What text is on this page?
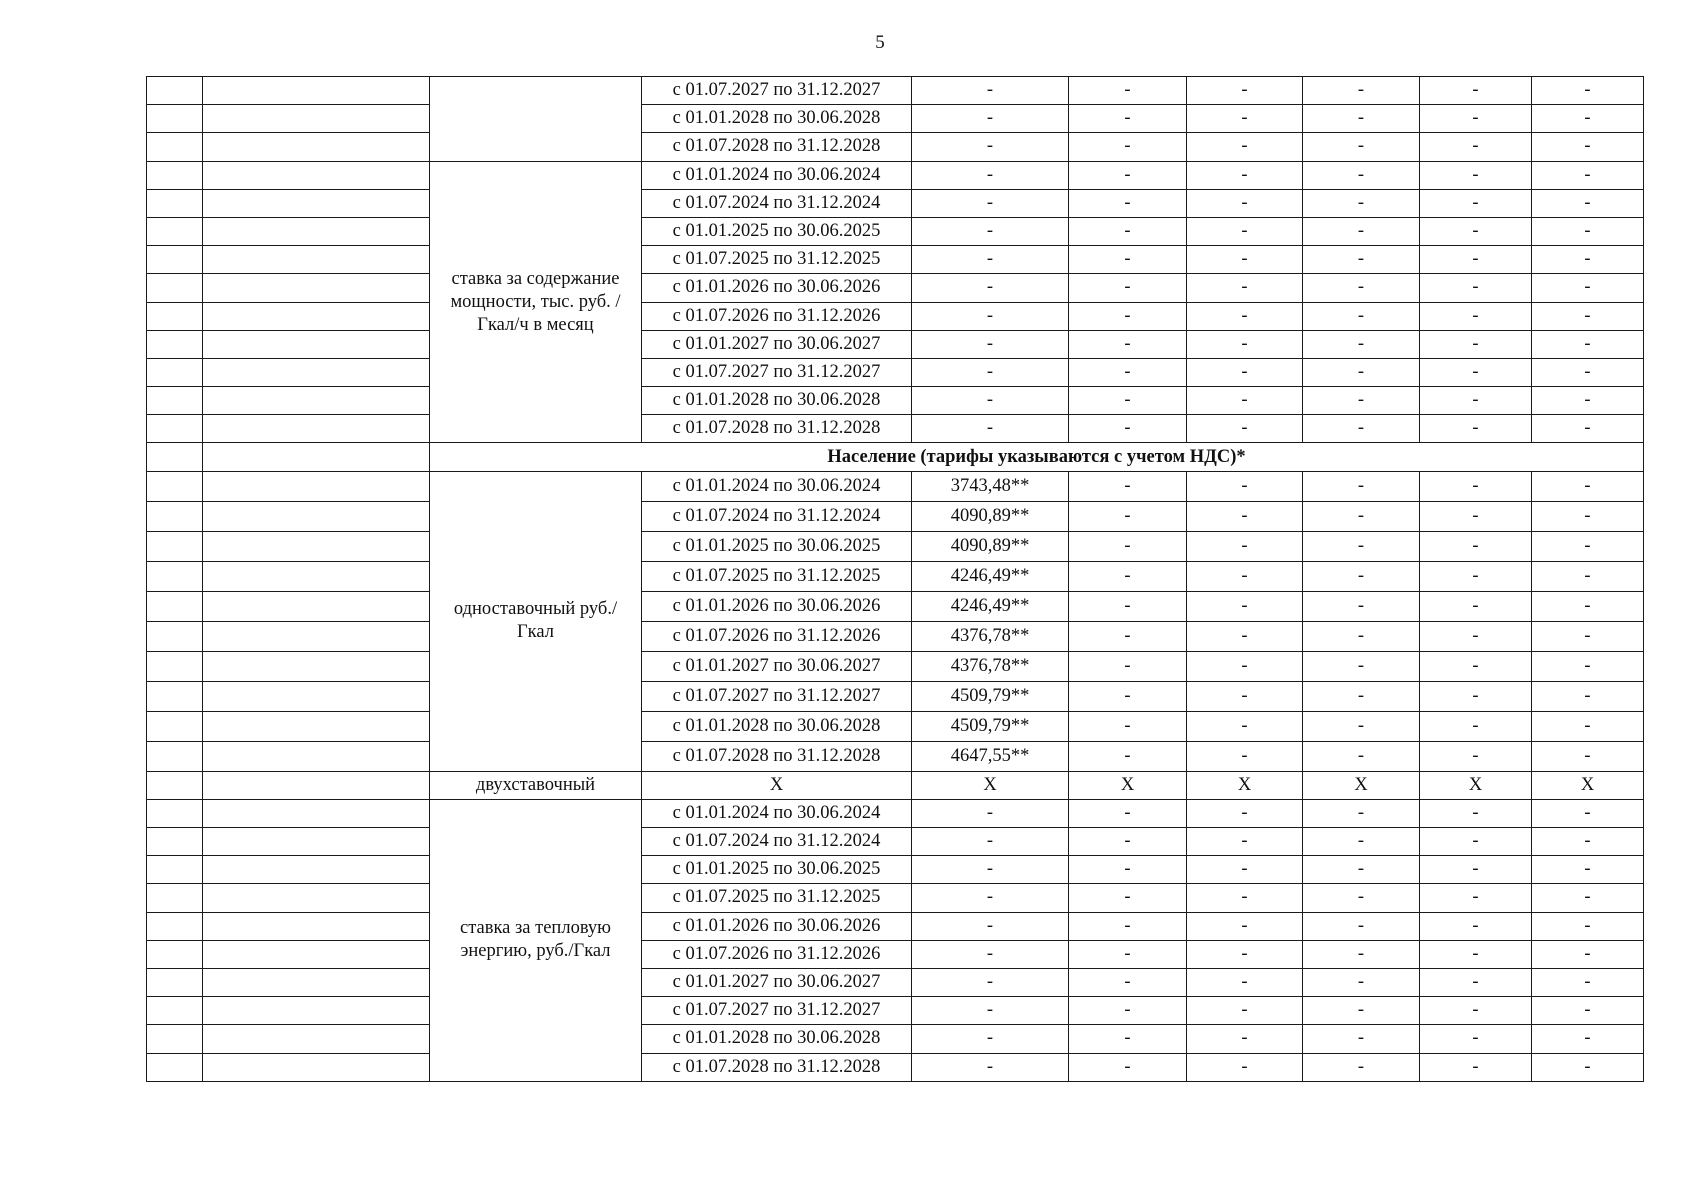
5
			с 01.07.2027 по 31.12.2027	-	-	-	-	-	-
			с 01.01.2028 по 30.06.2028	-	-	-	-	-	-
			с 01.07.2028 по 31.12.2028	-	-	-	-	-	-
		ставка за содержание мощности, тыс. руб. /Гкал/ч в месяц	с 01.01.2024 по 30.06.2024	-	-	-	-	-	-
			с 01.07.2024 по 31.12.2024	-	-	-	-	-	-
			с 01.01.2025 по 30.06.2025	-	-	-	-	-	-
			с 01.07.2025 по 31.12.2025	-	-	-	-	-	-
			с 01.01.2026 по 30.06.2026	-	-	-	-	-	-
			с 01.07.2026 по 31.12.2026	-	-	-	-	-	-
			с 01.01.2027 по 30.06.2027	-	-	-	-	-	-
			с 01.07.2027 по 31.12.2027	-	-	-	-	-	-
			с 01.01.2028 по 30.06.2028	-	-	-	-	-	-
			с 01.07.2028 по 31.12.2028	-	-	-	-	-	-
		Население (тарифы указываются с учетом НДС)*							
		одноставочный руб./Гкал	с 01.01.2024 по 30.06.2024	3743,48**	-	-	-	-	-
			с 01.07.2024 по 31.12.2024	4090,89**	-	-	-	-	-
			с 01.01.2025 по 30.06.2025	4090,89**	-	-	-	-	-
			с 01.07.2025 по 31.12.2025	4246,49**	-	-	-	-	-
			с 01.01.2026 по 30.06.2026	4246,49**	-	-	-	-	-
			с 01.07.2026 по 31.12.2026	4376,78**	-	-	-	-	-
			с 01.01.2027 по 30.06.2027	4376,78**	-	-	-	-	-
			с 01.07.2027 по 31.12.2027	4509,79**	-	-	-	-	-
			с 01.01.2028 по 30.06.2028	4509,79**	-	-	-	-	-
			с 01.07.2028 по 31.12.2028	4647,55**	-	-	-	-	-
		двухставочный	X	X	X	X	X	X	X
		ставка за тепловую энергию, руб./Гкал	с 01.01.2024 по 30.06.2024	-	-	-	-	-	-
			с 01.07.2024 по 31.12.2024	-	-	-	-	-	-
			с 01.01.2025 по 30.06.2025	-	-	-	-	-	-
			с 01.07.2025 по 31.12.2025	-	-	-	-	-	-
			с 01.01.2026 по 30.06.2026	-	-	-	-	-	-
			с 01.07.2026 по 31.12.2026	-	-	-	-	-	-
			с 01.01.2027 по 30.06.2027	-	-	-	-	-	-
			с 01.07.2027 по 31.12.2027	-	-	-	-	-	-
			с 01.01.2028 по 30.06.2028	-	-	-	-	-	-
			с 01.07.2028 по 31.12.2028	-	-	-	-	-	-
